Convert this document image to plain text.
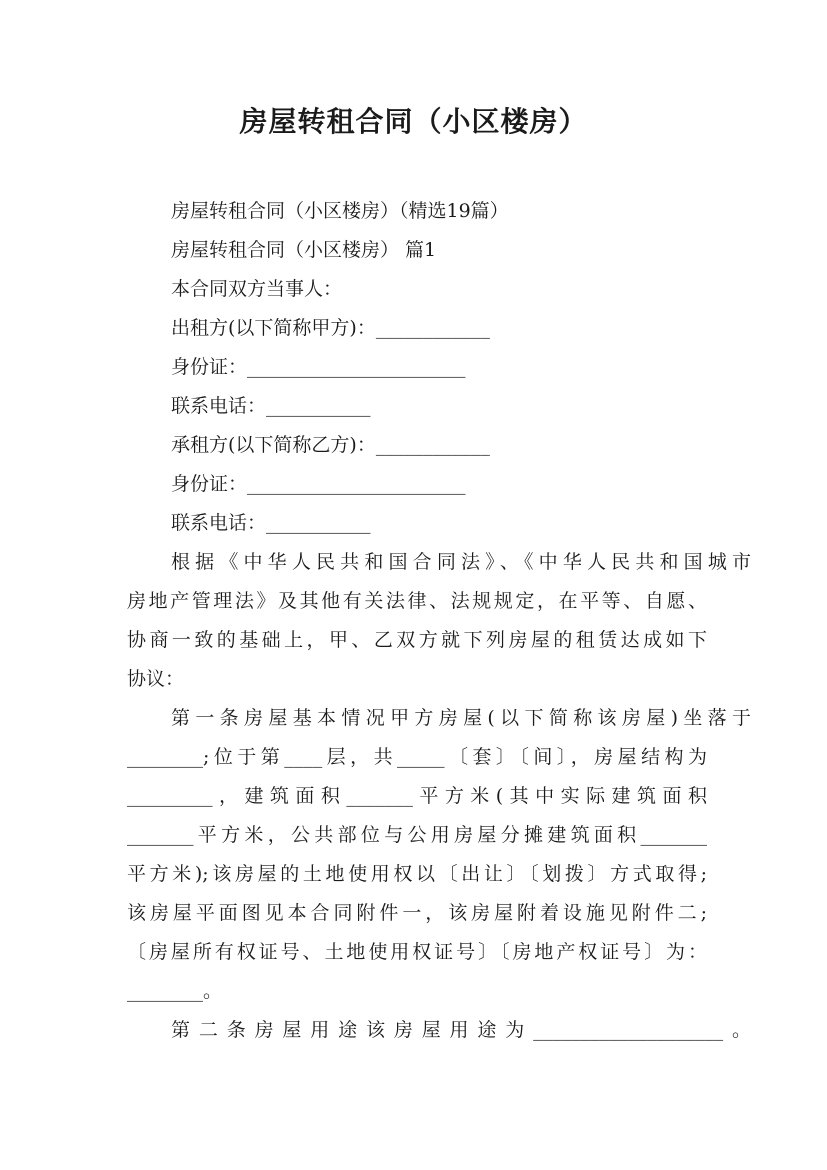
房屋转租合同（小区楼房）

房屋转租合同（小区楼房）（精选19篇）

房屋转租合同（小区楼房） 篇1

本合同双方当事人：

出租方(以下简称甲方)：____________

身份证：_______________________

联系电话：___________

承租方(以下简称乙方)：____________

身份证：_______________________

联系电话：___________

根据《中华人民共和国合同法》、《中华人民共和国城市

房地产管理法》及其他有关法律、法规规定，在平等、自愿、

协商一致的基础上，甲、乙双方就下列房屋的租赁达成如下

协议：

第一条房屋基本情况甲方房屋(以下简称该房屋)坐落于

________;位于第____层，共_____〔套〕〔间〕，房屋结构为

_________，建筑面积_______平方米(其中实际建筑面积

_______平方米，公共部位与公用房屋分摊建筑面积_______

平方米);该房屋的土地使用权以〔出让〕〔划拨〕方式取得;

该房屋平面图见本合同附件一，该房屋附着设施见附件二;

〔房屋所有权证号、土地使用权证号〕〔房地产权证号〕为：

________。

第二条房屋用途该房屋用途为____________________。
